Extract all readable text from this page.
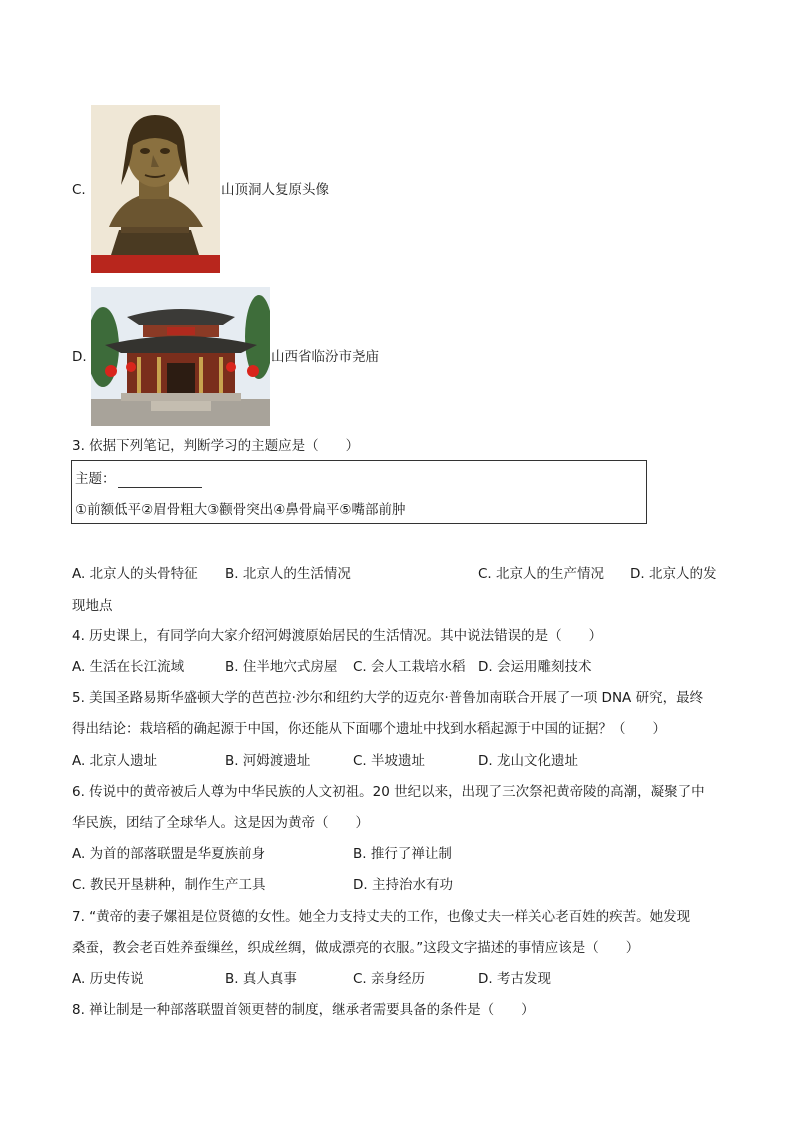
C.	山顶洞人复原头像
D.	山西省临汾市尧庙
3. 依据下列笔记，判断学习的主题应是（　　）
主题：
①前额低平②眉骨粗大③颧骨突出④鼻骨扁平⑤嘴部前肿
A. 北京人的头骨特征 B. 北京人的生活情况	C. 北京人的生产情况 D. 北京人的发
现地点
4. 历史课上，有同学向大家介绍河姆渡原始居民的生活情况。其中说法错误的是（　　）
A. 生活在长江流域	B. 住半地穴式房屋 C. 会人工栽培水稻 D. 会运用雕刻技术
5. 美国圣路易斯华盛顿大学的芭芭拉·沙尔和纽约大学的迈克尔·普鲁加南联合开展了一项 DNA 研究，最终
得出结论：栽培稻的确起源于中国，你还能从下面哪个遗址中找到水稻起源于中国的证据？（　　）
A. 北京人遗址	B. 河姆渡遗址	C. 半坡遗址	D. 龙山文化遗址
6. 传说中的黄帝被后人尊为中华民族的人文初祖。20 世纪以来，出现了三次祭祀黄帝陵的高潮，凝聚了中
华民族，团结了全球华人。这是因为黄帝（　　）
A. 为首的部落联盟是华夏族前身	B. 推行了禅让制
C. 教民开垦耕种，制作生产工具	D. 主持治水有功
7. “黄帝的妻子嫘祖是位贤德的女性。她全力支持丈夫的工作，也像丈夫一样关心老百姓的疾苦。她发现
桑蚕，教会老百姓养蚕缫丝，织成丝绸，做成漂亮的衣服。”这段文字描述的事情应该是（　　）
A. 历史传说	B. 真人真事	C. 亲身经历	D. 考古发现
8. 禅让制是一种部落联盟首领更替的制度，继承者需要具备的条件是（　　）
